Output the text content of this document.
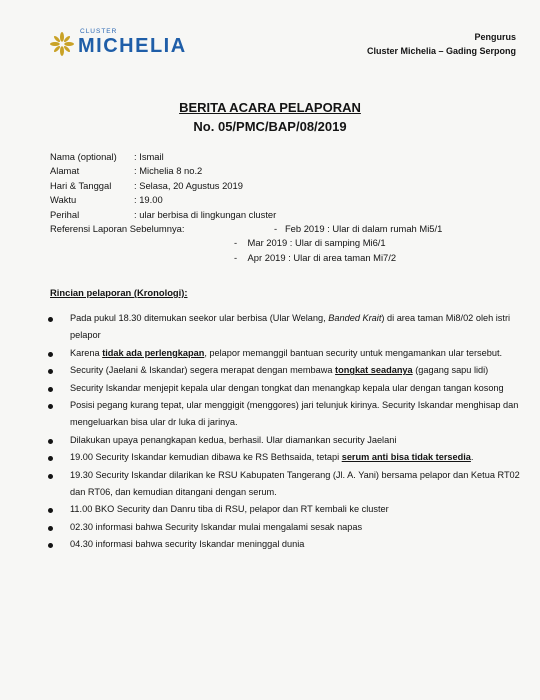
CLUSTER
MICHELIA	Pengurus
Cluster Michelia – Gading Serpong
BERITA ACARA PELAPORAN
No. 05/PMC/BAP/08/2019
Nama (optional) : Ismail
Alamat	: Michelia 8 no.2
Hari & Tanggal : Selasa, 20 Agustus 2019
Waktu	: 19.00
Perihal	: ular berbisa di lingkungan cluster
Referensi Laporan Sebelumnya:	-   Feb 2019 : Ular di dalam rumah Mi5/1
-    Mar 2019 : Ular di samping Mi6/1
-    Apr 2019 : Ular di area taman Mi7/2
Rincian pelaporan (Kronologi):
Pada pukul 18.30 ditemukan seekor ular berbisa (Ular Welang, Banded Krait) di area taman Mi8/02 oleh istri pelapor
Karena tidak ada perlengkapan, pelapor memanggil bantuan security untuk mengamankan ular tersebut.
Security (Jaelani & Iskandar) segera merapat dengan membawa tongkat seadanya (gagang sapu lidi)
Security Iskandar menjepit kepala ular dengan tongkat dan menangkap kepala ular dengan tangan kosong
Posisi pegang kurang tepat, ular menggigit (menggores) jari telunjuk kirinya. Security Iskandar menghisap dan mengeluarkan bisa ular dr luka di jarinya.
Dilakukan upaya penangkapan kedua, berhasil. Ular diamankan security Jaelani
19.00 Security Iskandar kemudian dibawa ke RS Bethsaida, tetapi serum anti bisa tidak tersedia.
19.30 Security Iskandar dilarikan ke RSU Kabupaten Tangerang (Jl. A. Yani) bersama pelapor dan Ketua RT02 dan RT06, dan kemudian ditangani dengan serum.
11.00 BKO Security dan Danru tiba di RSU, pelapor dan RT kembali ke cluster
02.30 informasi bahwa Security Iskandar mulai mengalami sesak napas
04.30 informasi bahwa security Iskandar meninggal dunia
